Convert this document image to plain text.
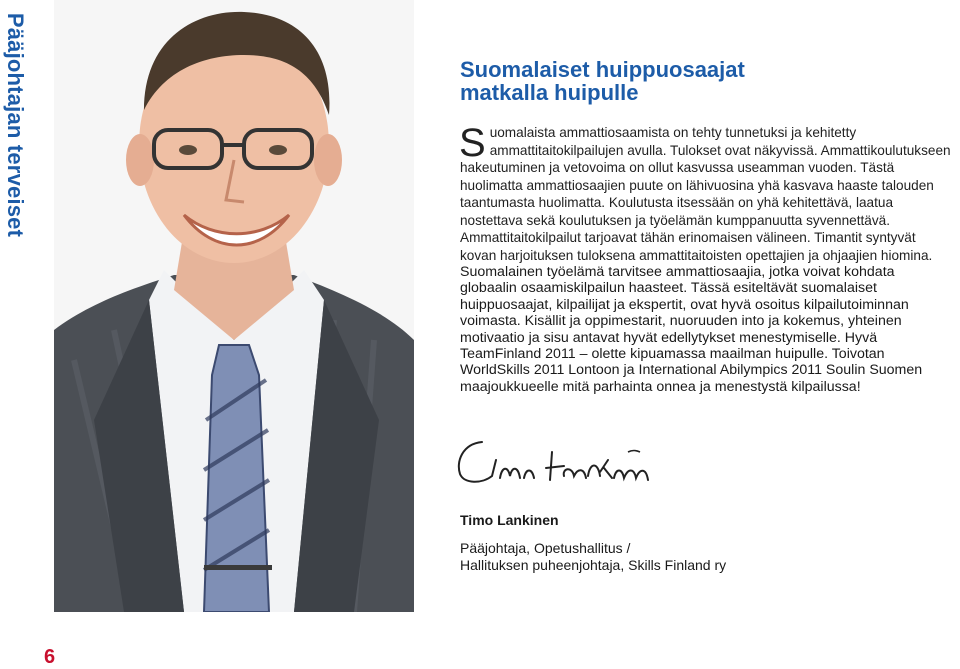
Pääjohtajan terveiset	Suomalaiset huippuosaajat
matkalla huipulle

Suomalaista ammattiosaamista on tehty tunnetuksi ja kehitetty ammattitaitokilpailujen avulla. Tulokset ovat näkyvissä. Ammattikoulutukseen hakeutuminen ja vetovoima on ollut kasvussa useamman vuoden. Tästä huolimatta ammattiosaajien puute on lähivuosina yhä kasvava haaste talouden taantumasta huolimatta. Koulutusta itsessään on yhä kehitettävä, laatua nostettava sekä koulutuksen ja työelämän kumppanuutta syvennettävä. Ammattitaitokilpailut tarjoavat tähän erinomaisen välineen. Timantit syntyvät kovan harjoituksen tuloksena ammattitaitoisten opettajien ja ohjaajien hiomina.

Suomalainen työelämä tarvitsee ammattiosaajia, jotka voivat kohdata globaalin osaamiskilpailun haasteet. Tässä esiteltävät suomalaiset huippuosaajat, kilpailijat ja ekspertit, ovat hyvä osoitus kilpailutoiminnan voimasta. Kisällit ja oppimestarit, nuoruuden into ja kokemus, yhteinen motivaatio ja sisu antavat hyvät edellytykset menestymiselle. Hyvä TeamFinland 2011 – olette kipuamassa maailman huipulle. Toivotan WorldSkills 2011 Lontoon ja International Abilympics 2011 Soulin Suomen maajoukkueelle mitä parhainta onnea ja menestystä kilpailussa!

Timo Lankinen
Pääjohtaja, Opetushallitus /
Hallituksen puheenjohtaja, Skills Finland ry
6
